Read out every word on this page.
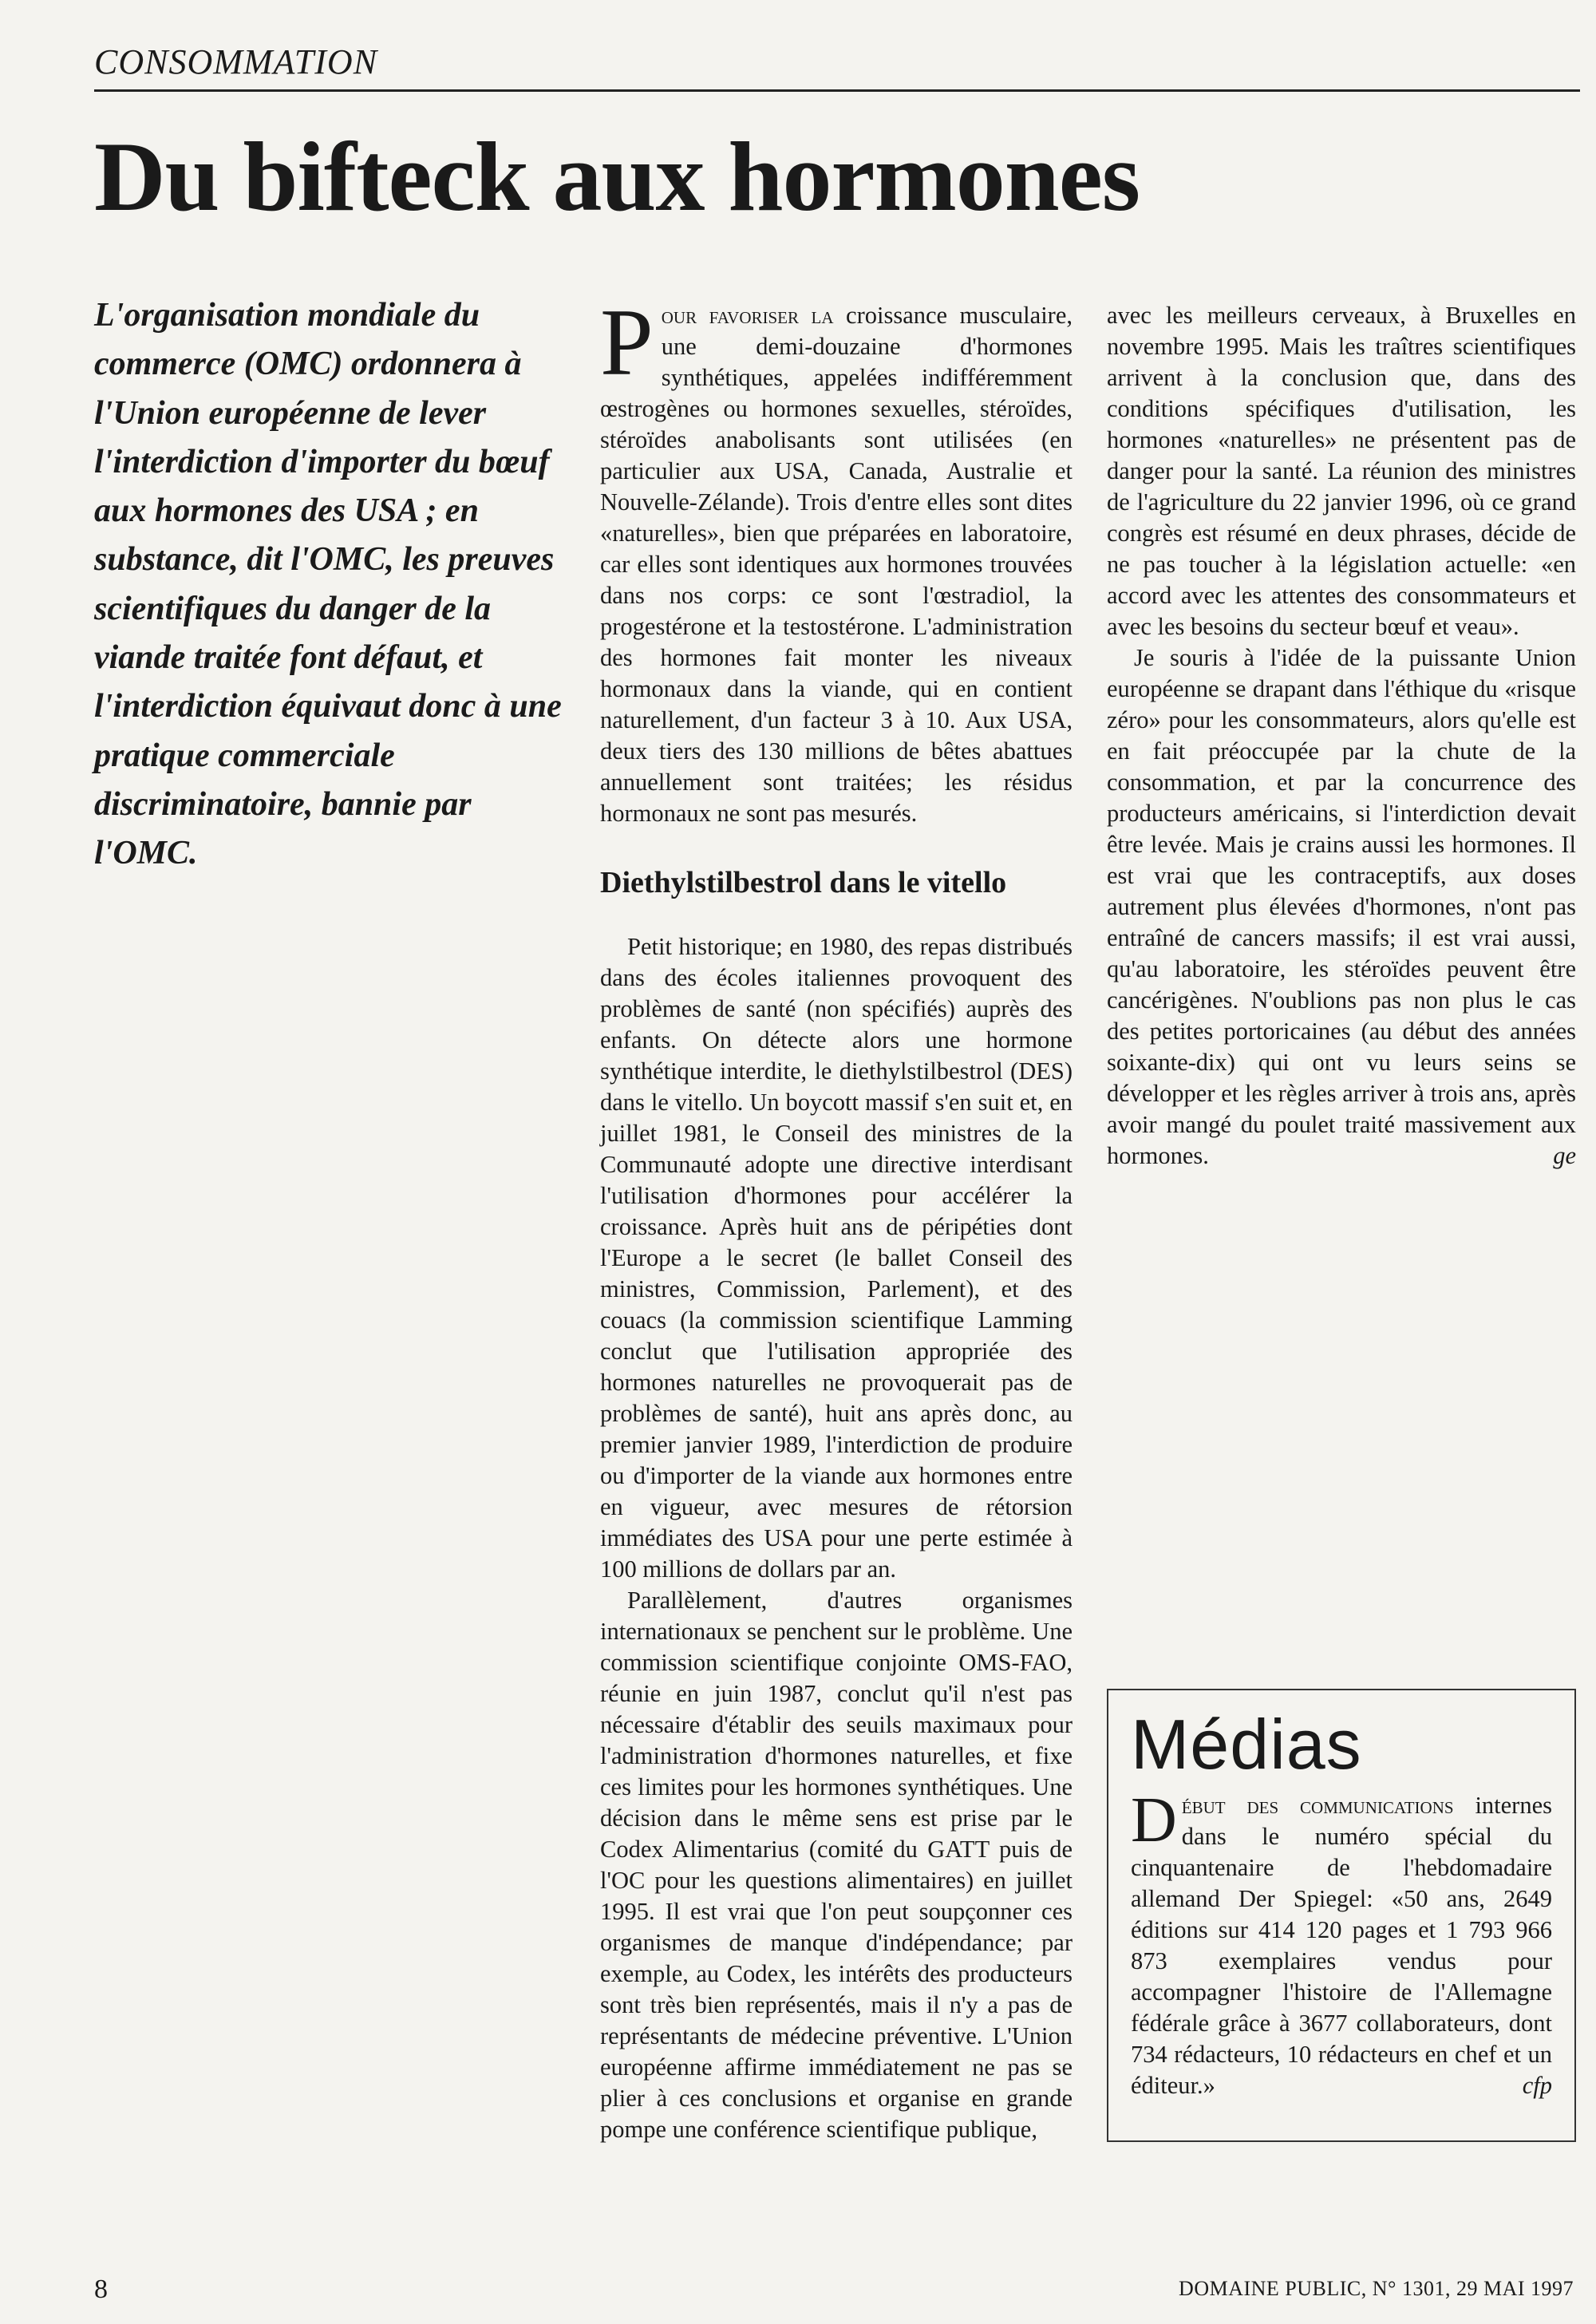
CONSOMMATION
Du bifteck aux hormones

L'organisation mondiale du commerce (OMC) ordonnera à l'Union européenne de lever l'interdiction d'importer du bœuf aux hormones des USA ; en substance, dit l'OMC, les preuves scientifiques du danger de la viande traitée font défaut, et l'interdiction équivaut donc à une pratique commerciale discriminatoire, bannie par l'OMC.

P our favoriser la croissance musculaire, une demi-douzaine d'hormones synthétiques, appelées indifféremment œstrogènes ou hormones sexuelles, stéroïdes, stéroïdes anabolisants sont utilisées (en particulier aux USA, Canada, Australie et Nouvelle-Zélande). Trois d'entre elles sont dites «naturelles», bien que préparées en laboratoire, car elles sont identiques aux hormones trouvées dans nos corps: ce sont l'œstradiol, la progestérone et la testostérone. L'administration des hormones fait monter les niveaux hormonaux dans la viande, qui en contient naturellement, d'un facteur 3 à 10. Aux USA, deux tiers des 130 millions de bêtes abattues annuellement sont traitées; les résidus hormonaux ne sont pas mesurés.

Diethylstilbestrol dans le vitello

Petit historique; en 1980, des repas distribués dans des écoles italiennes provoquent des problèmes de santé (non spécifiés) auprès des enfants. On détecte alors une hormone synthétique interdite, le diethylstilbestrol (DES) dans le vitello. Un boycott massif s'en suit et, en juillet 1981, le Conseil des ministres de la Communauté adopte une directive interdisant l'utilisation d'hormones pour accélérer la croissance. Après huit ans de péripéties dont l'Europe a le secret (le ballet Conseil des ministres, Commission, Parlement), et des couacs (la commission scientifique Lamming conclut que l'utilisation appropriée des hormones naturelles ne provoquerait pas de problèmes de santé), huit ans après donc, au premier janvier 1989, l'interdiction de produire ou d'importer de la viande aux hormones entre en vigueur, avec mesures de rétorsion immédiates des USA pour une perte estimée à 100 millions de dollars par an.

Parallèlement, d'autres organismes internationaux se penchent sur le problème. Une commission scientifique conjointe OMS-FAO, réunie en juin 1987, conclut qu'il n'est pas nécessaire d'établir des seuils maximaux pour l'administration d'hormones naturelles, et fixe ces limites pour les hormones synthétiques. Une décision dans le même sens est prise par le Codex Alimentarius (comité du GATT puis de l'OC pour les questions alimentaires) en juillet 1995. Il est vrai que l'on peut soupçonner ces organismes de manque d'indépendance; par exemple, au Codex, les intérêts des producteurs sont très bien représentés, mais il n'y a pas de représentants de médecine préventive. L'Union européenne affirme immédiatement ne pas se plier à ces conclusions et organise en grande pompe une conférence scientifique publique,

avec les meilleurs cerveaux, à Bruxelles en novembre 1995. Mais les traîtres scientifiques arrivent à la conclusion que, dans des conditions spécifiques d'utilisation, les hormones «naturelles» ne présentent pas de danger pour la santé. La réunion des ministres de l'agriculture du 22 janvier 1996, où ce grand congrès est résumé en deux phrases, décide de ne pas toucher à la législation actuelle: «en accord avec les attentes des consommateurs et avec les besoins du secteur bœuf et veau».

Je souris à l'idée de la puissante Union européenne se drapant dans l'éthique du «risque zéro» pour les consommateurs, alors qu'elle est en fait préoccupée par la chute de la consommation, et par la concurrence des producteurs américains, si l'interdiction devait être levée. Mais je crains aussi les hormones. Il est vrai que les contraceptifs, aux doses autrement plus élevées d'hormones, n'ont pas entraîné de cancers massifs; il est vrai aussi, qu'au laboratoire, les stéroïdes peuvent être cancérigènes. N'oublions pas non plus le cas des petites portoricaines (au début des années soixante-dix) qui ont vu leurs seins se développer et les règles arriver à trois ans, après avoir mangé du poulet traité massivement aux hormones.	ge

Médias

D ébut des communications internes dans le numéro spécial du cinquantenaire de l'hebdomadaire allemand Der Spiegel: «50 ans, 2649 éditions sur 414 120 pages et 1 793 966 873 exemplaires vendus pour accompagner l'histoire de l'Allemagne fédérale grâce à 3677 collaborateurs, dont 734 rédacteurs, 10 rédacteurs en chef et un éditeur.»	cfp

8	DOMAINE PUBLIC, N° 1301, 29 MAI 1997
